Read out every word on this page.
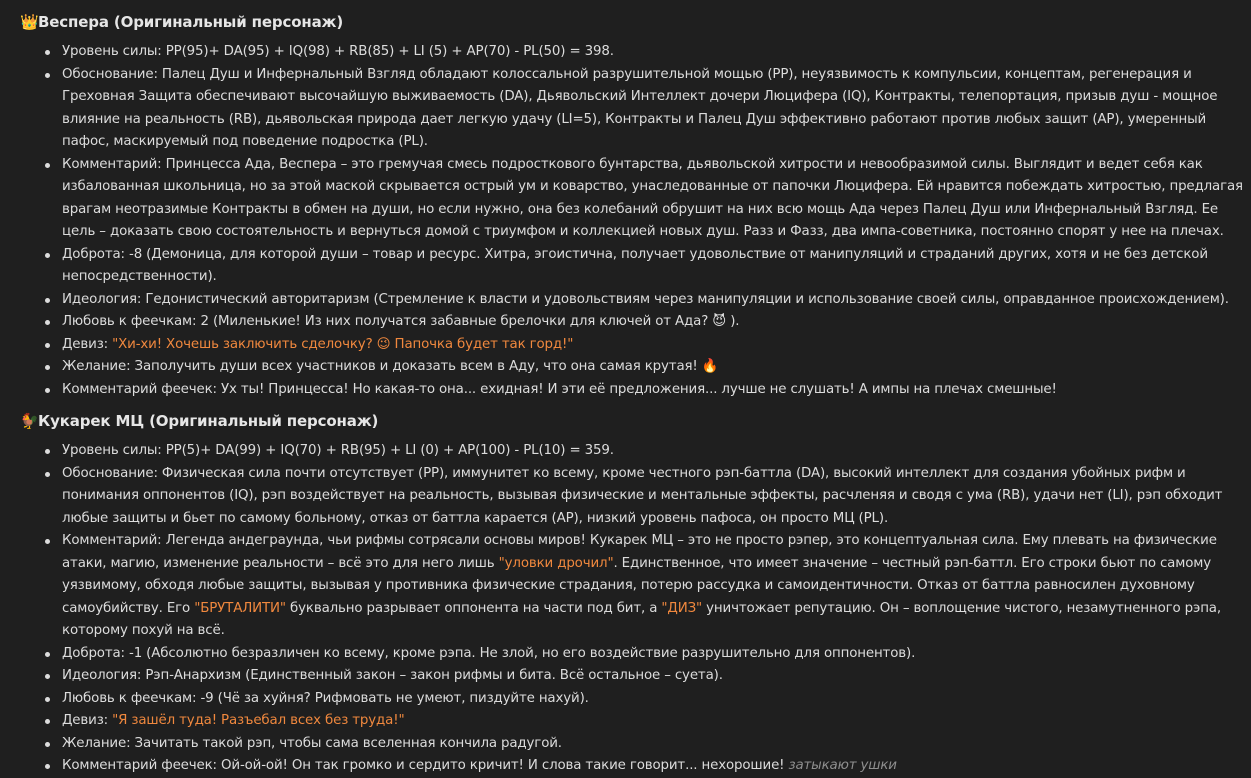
👑Веспера (Оригинальный персонаж)
Уровень силы: PP(95)+ DA(95) + IQ(98) + RB(85) + LI (5) + AP(70) - PL(50) = 398.
Обоснование: Палец Душ и Инфернальный Взгляд обладают колоссальной разрушительной мощью (PP), неуязвимость к компульсии, концептам, регенерация и Греховная Защита обеспечивают высочайшую выживаемость (DA), Дьявольский Интеллект дочери Люцифера (IQ), Контракты, телепортация, призыв душ - мощное влияние на реальность (RB), дьявольская природа дает легкую удачу (LI=5), Контракты и Палец Душ эффективно работают против любых защит (AP), умеренный пафос, маскируемый под поведение подростка (PL).
Комментарий: Принцесса Ада, Веспера – это гремучая смесь подросткового бунтарства, дьявольской хитрости и невообразимой силы. Выглядит и ведет себя как избалованная школьница, но за этой маской скрывается острый ум и коварство, унаследованные от папочки Люцифера. Ей нравится побеждать хитростью, предлагая врагам неотразимые Контракты в обмен на души, но если нужно, она без колебаний обрушит на них всю мощь Ада через Палец Душ или Инфернальный Взгляд. Ее цель – доказать свою состоятельность и вернуться домой с триумфом и коллекцией новых душ. Разз и Фазз, два импа-советника, постоянно спорят у нее на плечах.
Доброта: -8 (Демоница, для которой души – товар и ресурс. Хитра, эгоистична, получает удовольствие от манипуляций и страданий других, хотя и не без детской непосредственности).
Идеология: Гедонистический авторитаризм (Стремление к власти и удовольствиям через манипуляции и использование своей силы, оправданное происхождением).
Любовь к феечкам: 2 (Миленькие! Из них получатся забавные брелочки для ключей от Ада? 😈 ).
Девиз: "Хи-хи! Хочешь заключить сделочку? 😉 Папочка будет так горд!"
Желание: Заполучить души всех участников и доказать всем в Аду, что она самая крутая! 🔥
Комментарий феечек: Ух ты! Принцесса! Но какая-то она... ехидная! И эти её предложения... лучше не слушать! А импы на плечах смешные!
🐓Кукарек МЦ (Оригинальный персонаж)
Уровень силы: PP(5)+ DA(99) + IQ(70) + RB(95) + LI (0) + AP(100) - PL(10) = 359.
Обоснование: Физическая сила почти отсутствует (PP), иммунитет ко всему, кроме честного рэп-баттла (DA), высокий интеллект для создания убойных рифм и понимания оппонентов (IQ), рэп воздействует на реальность, вызывая физические и ментальные эффекты, расчленяя и сводя с ума (RB), удачи нет (LI), рэп обходит любые защиты и бьет по самому больному, отказ от баттла карается (AP), низкий уровень пафоса, он просто МЦ (PL).
Комментарий: Легенда андеграунда, чьи рифмы сотрясали основы миров! Кукарек МЦ – это не просто рэпер, это концептуальная сила. Ему плевать на физические атаки, магию, изменение реальности – всё это для него лишь "уловки дрочил". Единственное, что имеет значение – честный рэп-баттл. Его строки бьют по самому уязвимому, обходя любые защиты, вызывая у противника физические страдания, потерю рассудка и самоидентичности. Отказ от баттла равносилен духовному самоубийству. Его "БРУТАЛИТИ" буквально разрывает оппонента на части под бит, а "ДИЗ" уничтожает репутацию. Он – воплощение чистого, незамутненного рэпа, которому похуй на всё.
Доброта: -1 (Абсолютно безразличен ко всему, кроме рэпа. Не злой, но его воздействие разрушительно для оппонентов).
Идеология: Рэп-Анархизм (Единственный закон – закон рифмы и бита. Всё остальное – суета).
Любовь к феечкам: -9 (Чё за хуйня? Рифмовать не умеют, пиздуйте нахуй).
Девиз: "Я зашёл туда! Разъебал всех без труда!"
Желание: Зачитать такой рэп, чтобы сама вселенная кончила радугой.
Комментарий феечек: Ой-ой-ой! Он так громко и сердито кричит! И слова такие говорит... нехорошие! затыкают ушки
